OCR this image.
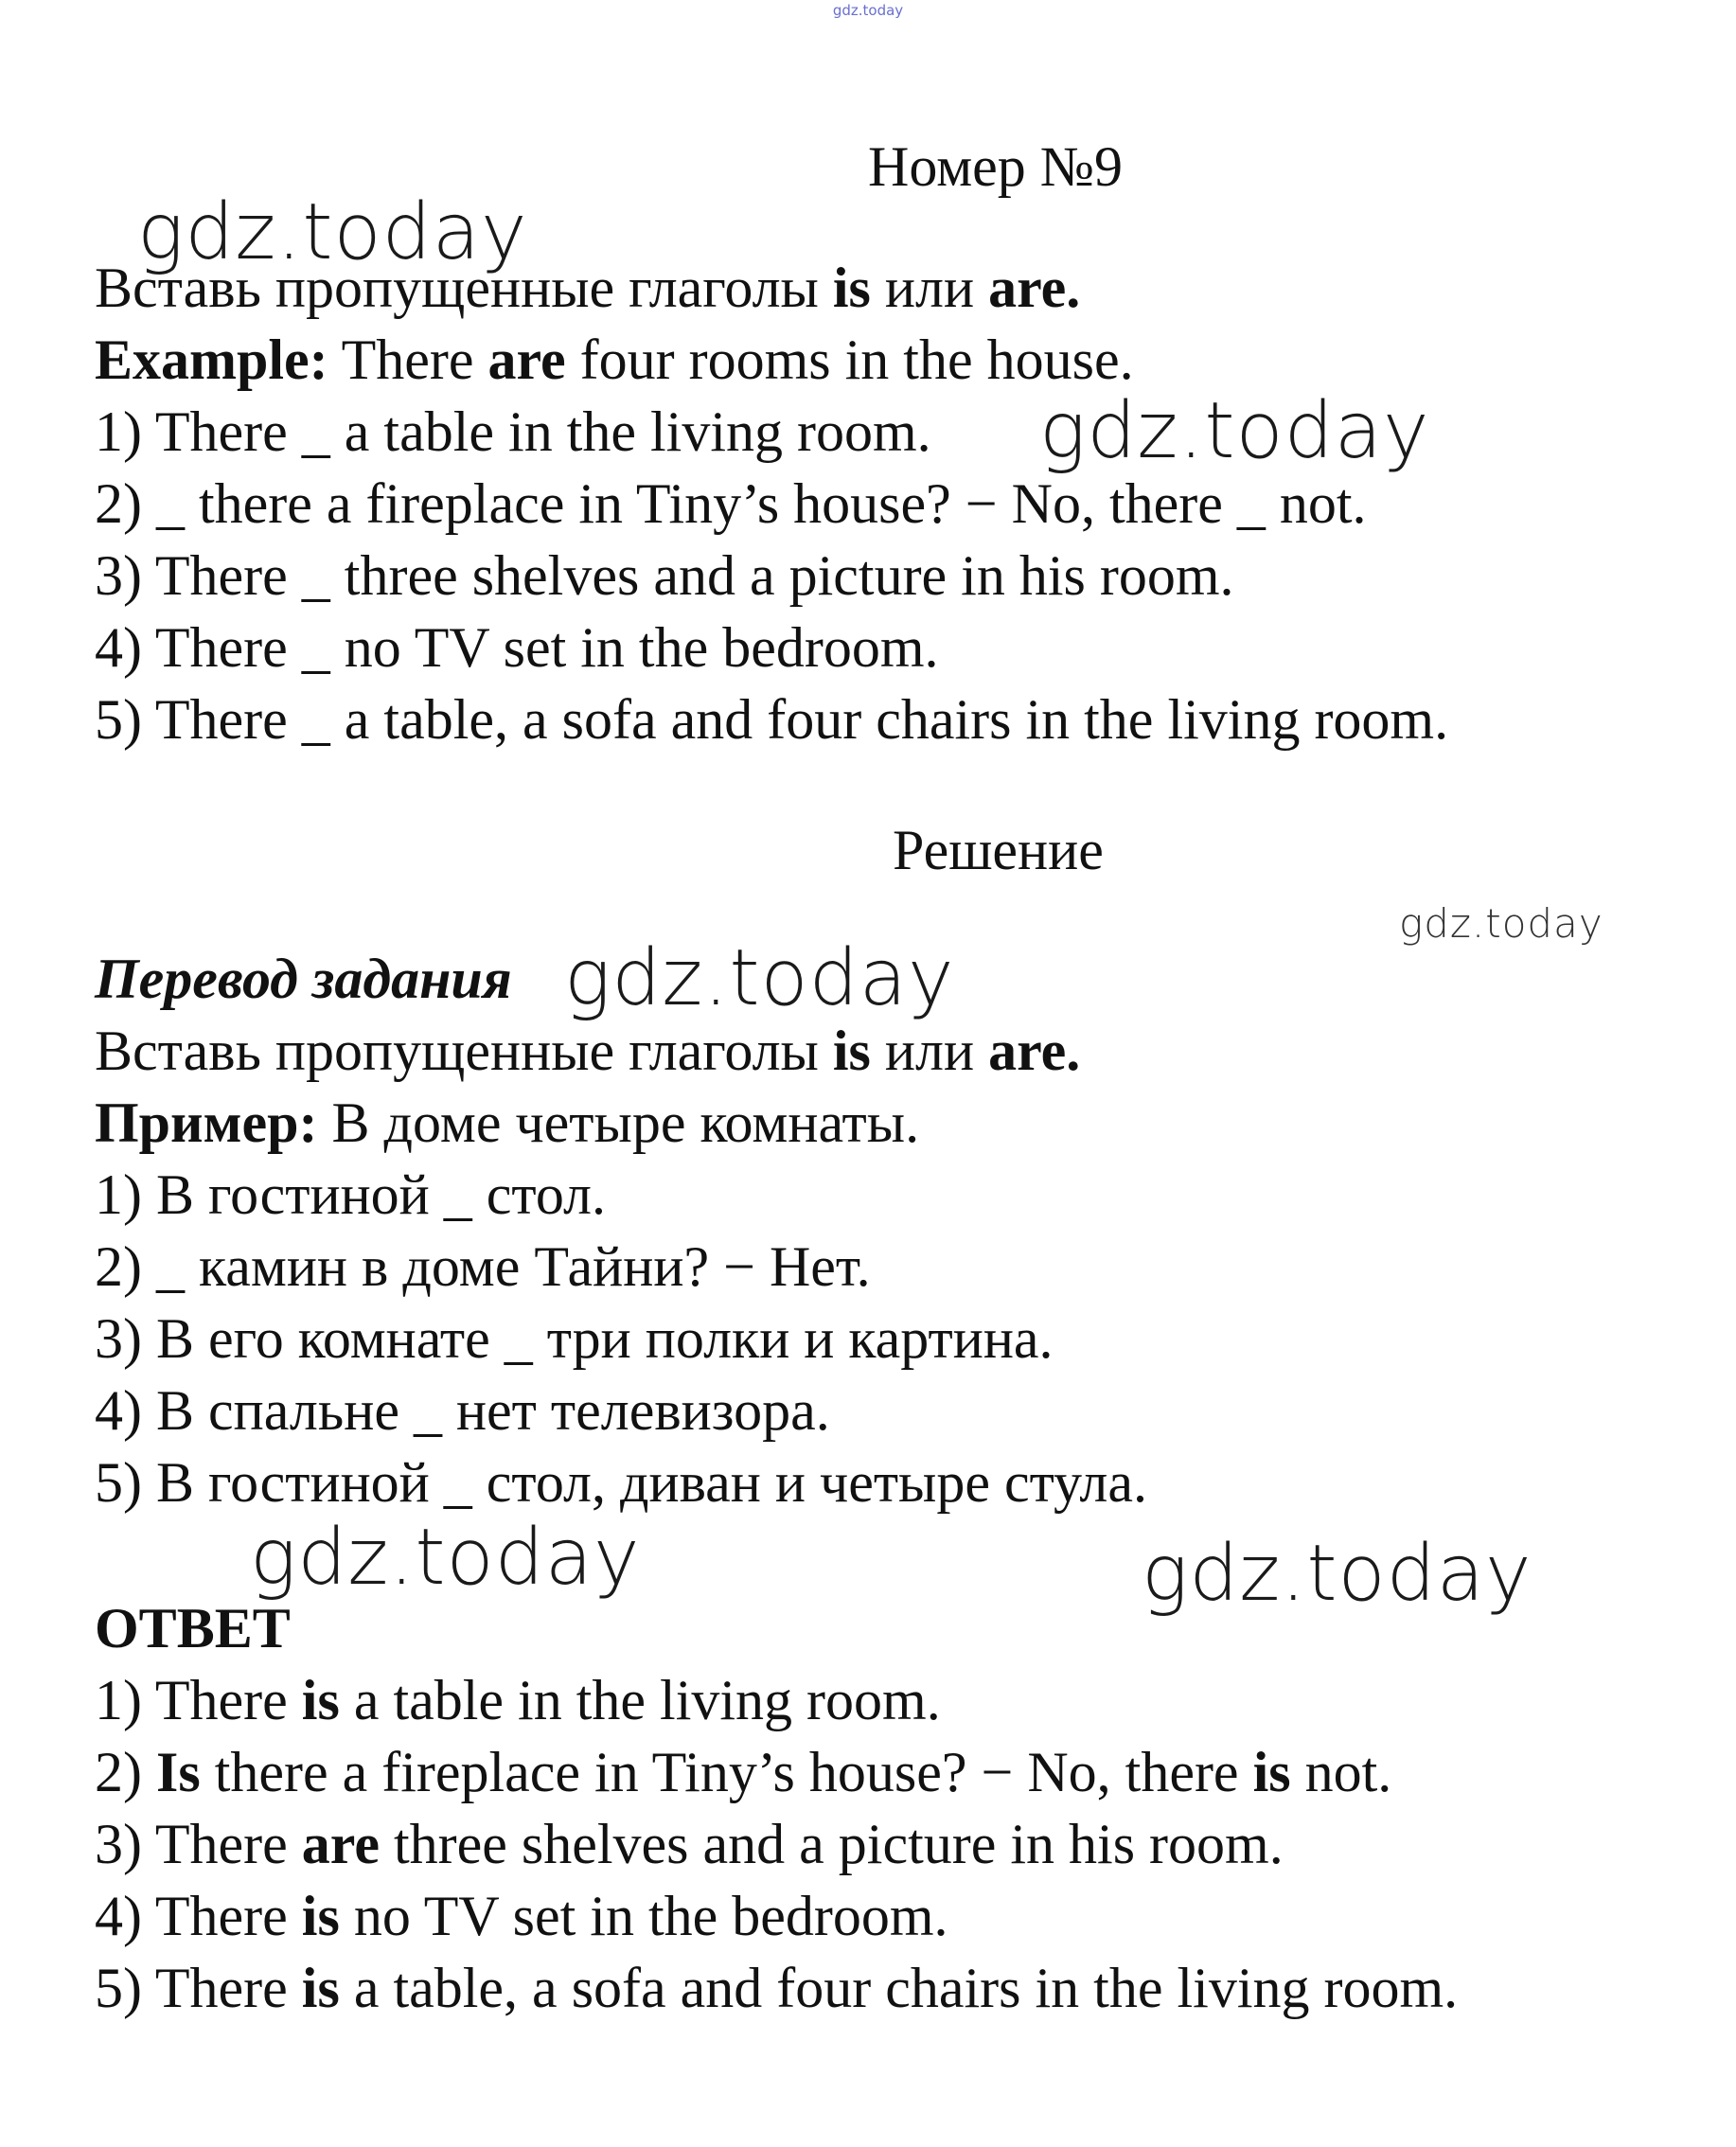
gdz.today
gdz.today
gdz.today
gdz.today
gdz.today
gdz.today	gdz.today
Номер №9
Вставь пропущенные глаголы is или are.
Example: There are four rooms in the house.
1) There _ a table in the living room.
2) _ there a fireplace in Tiny’s house? − No, there _ not.
3) There _ three shelves and a picture in his room.
4) There _ no TV set in the bedroom.
5) There _ a table, a sofa and four chairs in the living room.
Решение
Перевод задания
Вставь пропущенные глаголы is или are.
Пример: В доме четыре комнаты.
1) В гостиной _ стол.
2) _ камин в доме Тайни? − Нет.
3) В его комнате _ три полки и картина.
4) В спальне _ нет телевизора.
5) В гостиной _ стол, диван и четыре стула.
ОТВЕТ
1) There is a table in the living room.
2) Is there a fireplace in Tiny’s house? − No, there is not.
3) There are three shelves and a picture in his room.
4) There is no TV set in the bedroom.
5) There is a table, a sofa and four chairs in the living room.
